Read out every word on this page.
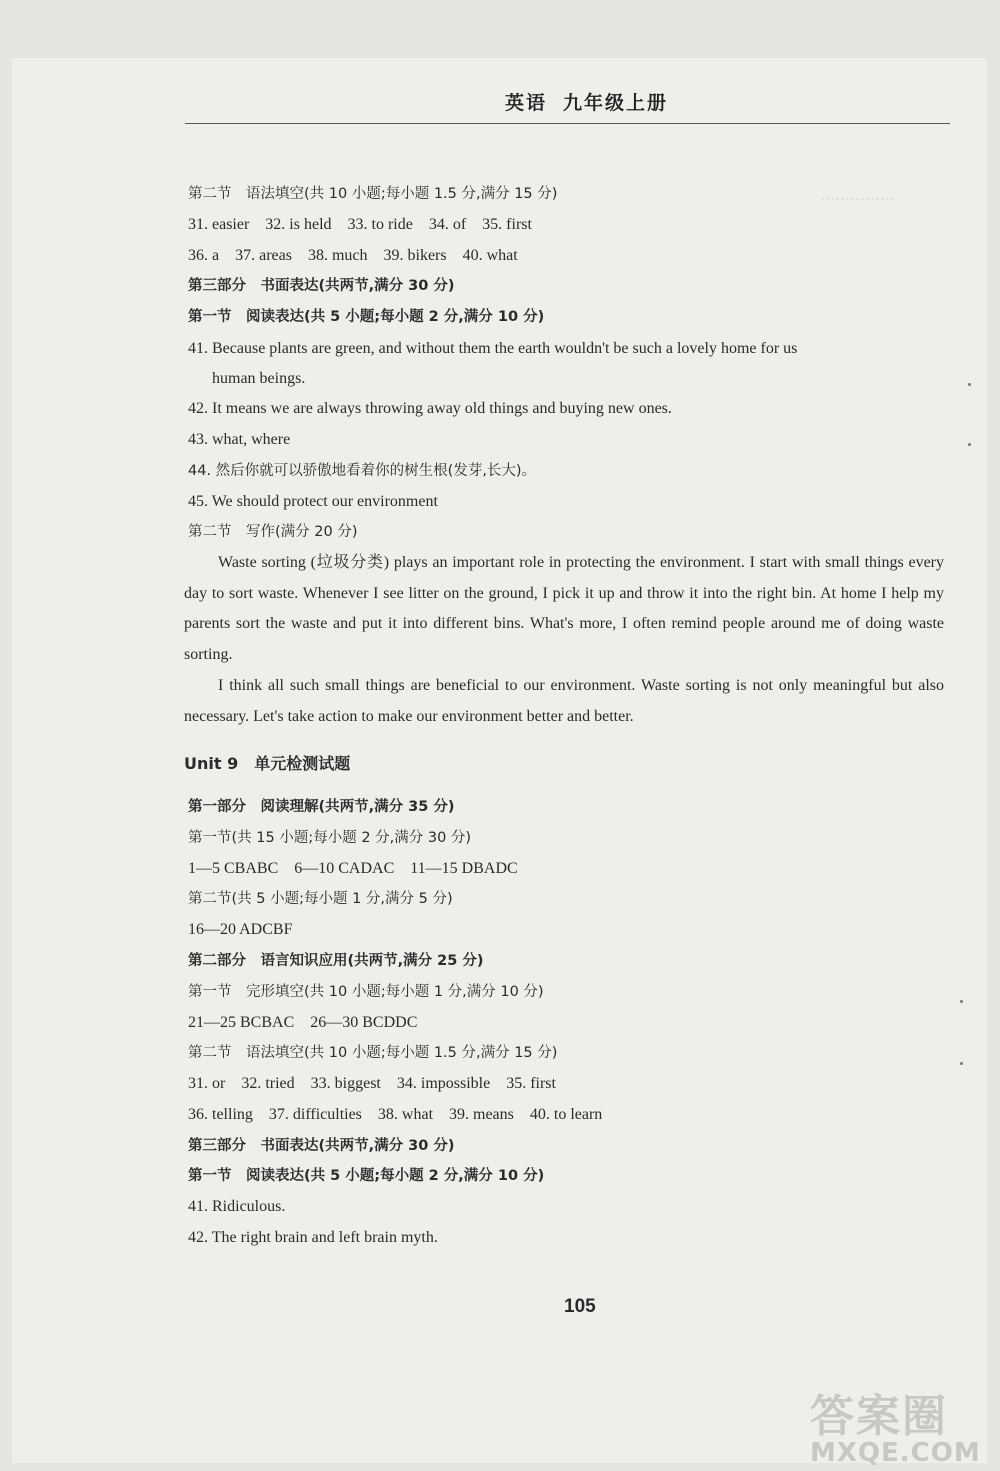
英语 九年级上册
……………
第二节　语法填空(共 10 小题;每小题 1.5 分,满分 15 分)
31. easier　32. is held　33. to ride　34. of　35. first
36. a　37. areas　38. much　39. bikers　40. what
第三部分　书面表达(共两节,满分 30 分)
第一节　阅读表达(共 5 小题;每小题 2 分,满分 10 分)
41. Because plants are green, and without them the earth wouldn't be such a lovely home for us
human beings.
42. It means we are always throwing away old things and buying new ones.
43. what, where
44. 然后你就可以骄傲地看着你的树生根(发芽,长大)。
45. We should protect our environment
第二节　写作(满分 20 分)
Waste sorting (垃圾分类) plays an important role in protecting the environment. I start with small things every day to sort waste. Whenever I see litter on the ground, I pick it up and throw it into the right bin. At home I help my parents sort the waste and put it into different bins. What's more, I often remind people around me of doing waste sorting.
I think all such small things are beneficial to our environment. Waste sorting is not only meaningful but also necessary. Let's take action to make our environment better and better.
Unit 9　单元检测试题
第一部分　阅读理解(共两节,满分 35 分)
第一节(共 15 小题;每小题 2 分,满分 30 分)
1—5 CBABC　6—10 CADAC　11—15 DBADC
第二节(共 5 小题;每小题 1 分,满分 5 分)
16—20 ADCBF
第二部分　语言知识应用(共两节,满分 25 分)
第一节　完形填空(共 10 小题;每小题 1 分,满分 10 分)
21—25 BCBAC　26—30 BCDDC
第二节　语法填空(共 10 小题;每小题 1.5 分,满分 15 分)
31. or　32. tried　33. biggest　34. impossible　35. first
36. telling　37. difficulties　38. what　39. means　40. to learn
第三部分　书面表达(共两节,满分 30 分)
第一节　阅读表达(共 5 小题;每小题 2 分,满分 10 分)
41. Ridiculous.
42. The right brain and left brain myth.
105
答案圈
MXQE.COM
